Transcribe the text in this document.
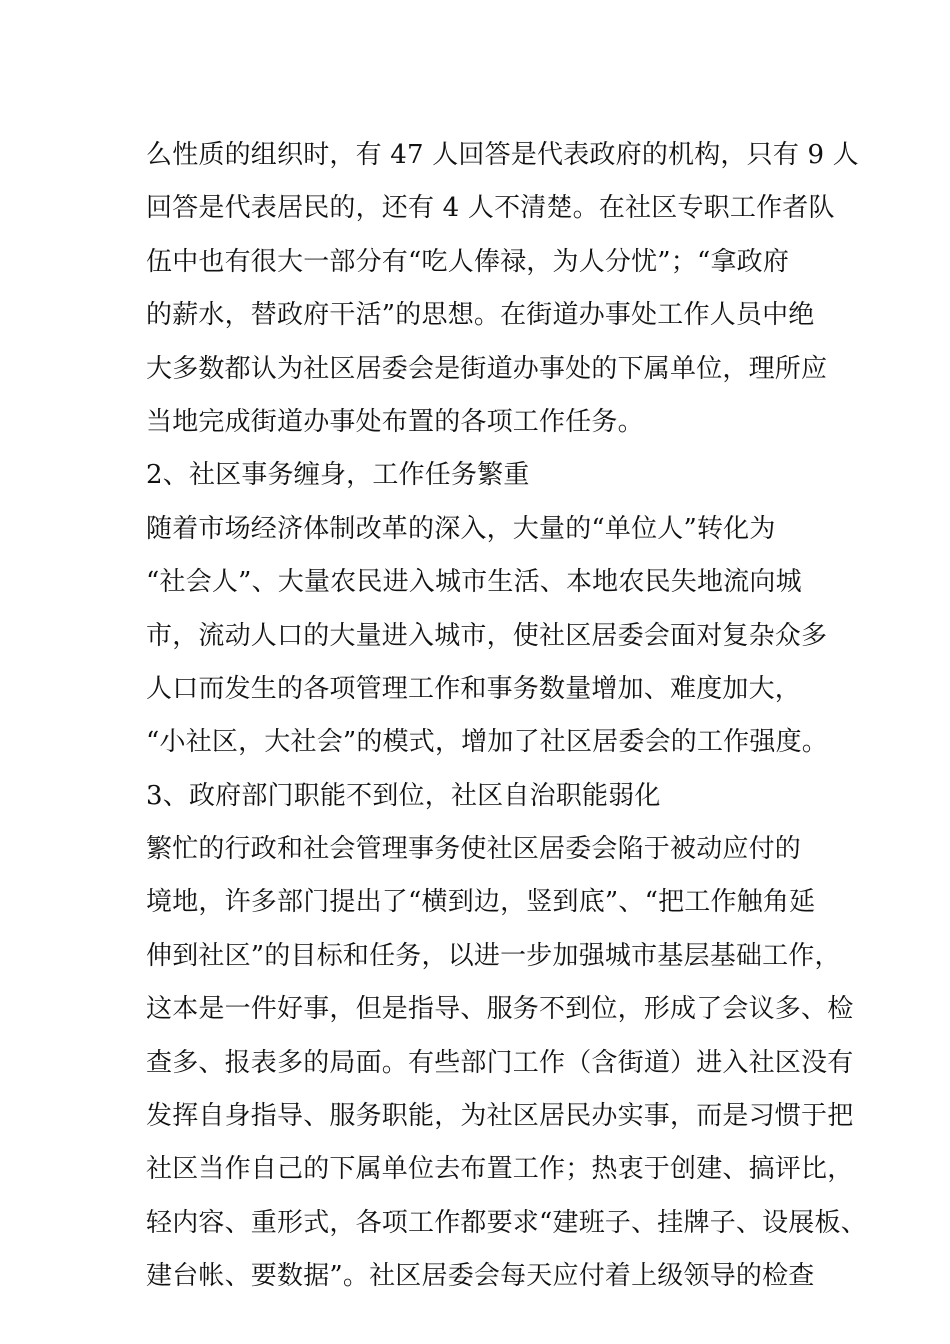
么性质的组织时，有 47 人回答是代表政府的机构，只有 9 人
回答是代表居民的，还有 4 人不清楚。在社区专职工作者队
伍中也有很大一部分有“吃人俸禄，为人分忧”；“拿政府
的薪水，替政府干活”的思想。在街道办事处工作人员中绝
大多数都认为社区居委会是街道办事处的下属单位，理所应
当地完成街道办事处布置的各项工作任务。
2、社区事务缠身，工作任务繁重
随着市场经济体制改革的深入，大量的“单位人”转化为
“社会人”、大量农民进入城市生活、本地农民失地流向城
市，流动人口的大量进入城市，使社区居委会面对复杂众多
人口而发生的各项管理工作和事务数量增加、难度加大，
“小社区，大社会”的模式，增加了社区居委会的工作强度。
3、政府部门职能不到位，社区自治职能弱化
繁忙的行政和社会管理事务使社区居委会陷于被动应付的
境地，许多部门提出了“横到边，竖到底”、“把工作触角延
伸到社区”的目标和任务，以进一步加强城市基层基础工作，
这本是一件好事，但是指导、服务不到位，形成了会议多、检
查多、报表多的局面。有些部门工作（含街道）进入社区没有
发挥自身指导、服务职能，为社区居民办实事，而是习惯于把
社区当作自己的下属单位去布置工作；热衷于创建、搞评比，
轻内容、重形式，各项工作都要求“建班子、挂牌子、设展板、
建台帐、要数据”。社区居委会每天应付着上级领导的检查
